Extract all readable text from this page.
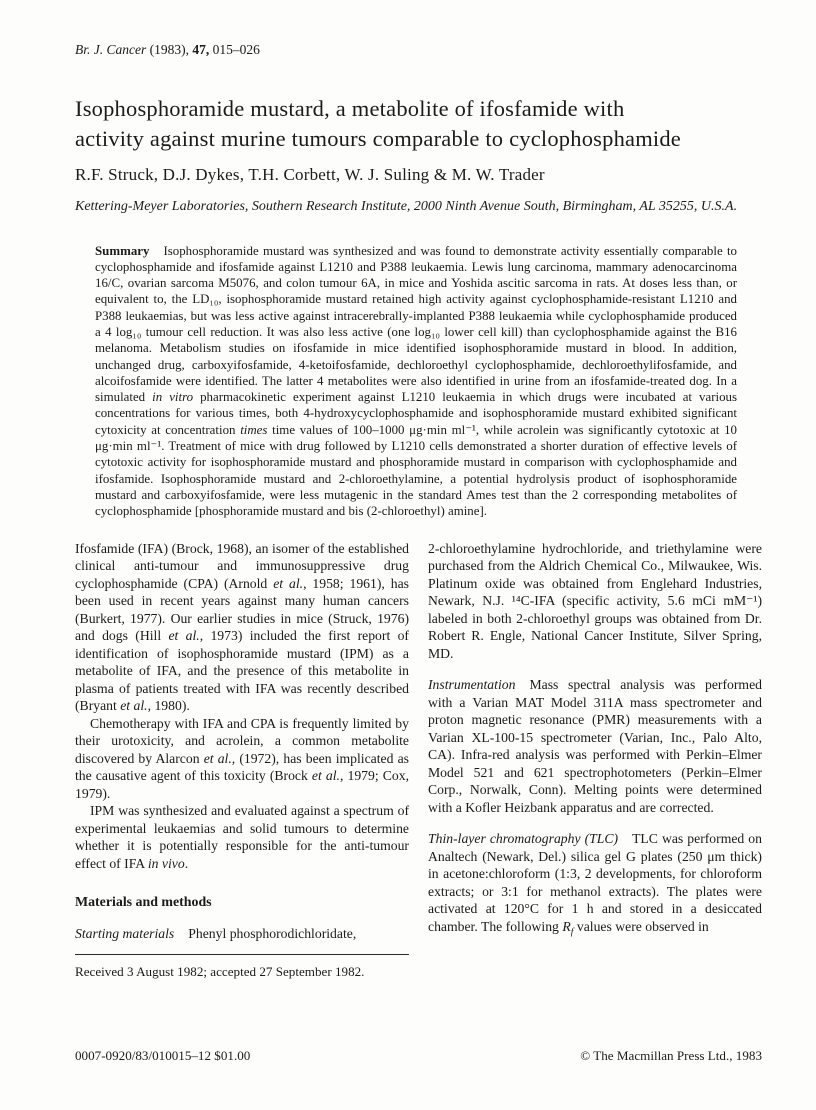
Br. J. Cancer (1983), 47, 015–026
Isophosphoramide mustard, a metabolite of ifosfamide with activity against murine tumours comparable to cyclophosphamide
R.F. Struck, D.J. Dykes, T.H. Corbett, W. J. Suling & M. W. Trader
Kettering-Meyer Laboratories, Southern Research Institute, 2000 Ninth Avenue South, Birmingham, AL 35255, U.S.A.

Summary Isophosphoramide mustard was synthesized and was found to demonstrate activity essentially comparable to cyclophosphamide and ifosfamide against L1210 and P388 leukaemia. Lewis lung carcinoma, mammary adenocarcinoma 16/C, ovarian sarcoma M5076, and colon tumour 6A, in mice and Yoshida ascitic sarcoma in rats. At doses less than, or equivalent to, the LD₁₀, isophosphoramide mustard retained high activity against cyclophosphamide-resistant L1210 and P388 leukaemias, but was less active against intracerebrally-implanted P388 leukaemia while cyclophosphamide produced a 4 log₁₀ tumour cell reduction. It was also less active (one log₁₀ lower cell kill) than cyclophosphamide against the B16 melanoma. Metabolism studies on ifosfamide in mice identified isophosphoramide mustard in blood. In addition, unchanged drug, carboxyifosfamide, 4-ketoifosfamide, dechloroethyl cyclophosphamide, dechloroethylifosfamide, and alcoifosfamide were identified. The latter 4 metabolites were also identified in urine from an ifosfamide-treated dog. In a simulated in vitro pharmacokinetic experiment against L1210 leukaemia in which drugs were incubated at various concentrations for various times, both 4-hydroxycyclophosphamide and isophosphoramide mustard exhibited significant cytoxicity at concentration times time values of 100–1000 μg·min ml⁻¹, while acrolein was significantly cytotoxic at 10 μg·min ml⁻¹. Treatment of mice with drug followed by L1210 cells demonstrated a shorter duration of effective levels of cytotoxic activity for isophosphoramide mustard and phosphoramide mustard in comparison with cyclophosphamide and ifosfamide. Isophosphoramide mustard and 2-chloroethylamine, a potential hydrolysis product of isophosphoramide mustard and carboxyifosfamide, were less mutagenic in the standard Ames test than the 2 corresponding metabolites of cyclophosphamide [phosphoramide mustard and bis (2-chloroethyl) amine].

Ifosfamide (IFA) (Brock, 1968), an isomer of the established clinical anti-tumour and immunosuppressive drug cyclophosphamide (CPA) (Arnold et al., 1958; 1961), has been used in recent years against many human cancers (Burkert, 1977). Our earlier studies in mice (Struck, 1976) and dogs (Hill et al., 1973) included the first report of identification of isophosphoramide mustard (IPM) as a metabolite of IFA, and the presence of this metabolite in plasma of patients treated with IFA was recently described (Bryant et al., 1980).

Chemotherapy with IFA and CPA is frequently limited by their urotoxicity, and acrolein, a common metabolite discovered by Alarcon et al., (1972), has been implicated as the causative agent of this toxicity (Brock et al., 1979; Cox, 1979).

IPM was synthesized and evaluated against a spectrum of experimental leukaemias and solid tumours to determine whether it is potentially responsible for the anti-tumour effect of IFA in vivo.

Materials and methods

Starting materials Phenyl phosphorodichloridate,

Received 3 August 1982; accepted 27 September 1982.

2-chloroethylamine hydrochloride, and triethylamine were purchased from the Aldrich Chemical Co., Milwaukee, Wis. Platinum oxide was obtained from Englehard Industries, Newark, N.J. ¹⁴C-IFA (specific activity, 5.6 mCi mM⁻¹) labeled in both 2-chloroethyl groups was obtained from Dr. Robert R. Engle, National Cancer Institute, Silver Spring, MD.

Instrumentation Mass spectral analysis was performed with a Varian MAT Model 311A mass spectrometer and proton magnetic resonance (PMR) measurements with a Varian XL-100-15 spectrometer (Varian, Inc., Palo Alto, CA). Infra-red analysis was performed with Perkin–Elmer Model 521 and 621 spectrophotometers (Perkin–Elmer Corp., Norwalk, Conn). Melting points were determined with a Kofler Heizbank apparatus and are corrected.

Thin-layer chromatography (TLC) TLC was performed on Analtech (Newark, Del.) silica gel G plates (250 μm thick) in acetone:chloroform (1:3, 2 developments, for chloroform extracts; or 3:1 for methanol extracts). The plates were activated at 120°C for 1 h and stored in a desiccated chamber. The following $R_f$ values were observed in

0007-0920/83/010015–12 $01.00	© The Macmillan Press Ltd., 1983
